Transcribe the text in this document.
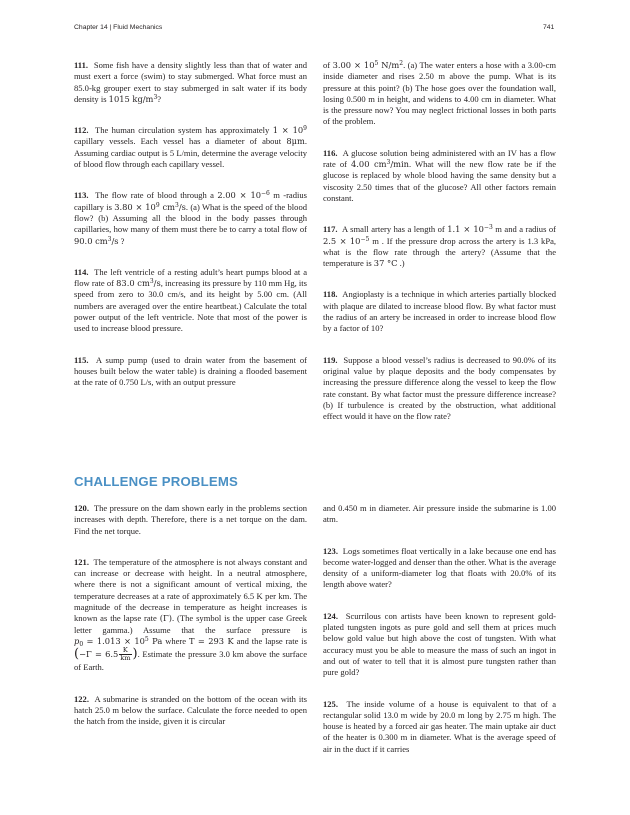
Chapter 14 | Fluid Mechanics	741

111. Some fish have a density slightly less than that of water and must exert a force (swim) to stay submerged. What force must an 85.0-kg grouper exert to stay submerged in salt water if its body density is 1015 $kg/m^3$?

112. The human circulation system has approximately $1 \times 10^9$ capillary vessels. Each vessel has a diameter of about 8μm. Assuming cardiac output is 5 L/min, determine the average velocity of blood flow through each capillary vessel.

113. The flow rate of blood through a $2.00 \times 10^{-6}$ m -radius capillary is $3.80 \times 10^9$ $cm^3/s$. (a) What is the speed of the blood flow? (b) Assuming all the blood in the body passes through capillaries, how many of them must there be to carry a total flow of 90.0 $cm^3/s$ ?

114. The left ventricle of a resting adult’s heart pumps blood at a flow rate of 83.0 $cm^3/s$, increasing its pressure by 110 mm Hg, its speed from zero to 30.0 cm/s, and its height by 5.00 cm. (All numbers are averaged over the entire heartbeat.) Calculate the total power output of the left ventricle. Note that most of the power is used to increase blood pressure.

115. A sump pump (used to drain water from the basement of houses built below the water table) is draining a flooded basement at the rate of 0.750 L/s, with an output pressure

of $3.00 \times 10^5$ $N/m^2$. (a) The water enters a hose with a 3.00-cm inside diameter and rises 2.50 m above the pump. What is its pressure at this point? (b) The hose goes over the foundation wall, losing 0.500 m in height, and widens to 4.00 cm in diameter. What is the pressure now? You may neglect frictional losses in both parts of the problem.

116. A glucose solution being administered with an IV has a flow rate of 4.00 $cm^3/\min$. What will the new flow rate be if the glucose is replaced by whole blood having the same density but a viscosity 2.50 times that of the glucose? All other factors remain constant.

117. A small artery has a length of $1.1 \times 10^{-3}$ m and a radius of $2.5 \times 10^{-5}$ m . If the pressure drop across the artery is 1.3 kPa, what is the flow rate through the artery? (Assume that the temperature is 37 °C .)

118. Angioplasty is a technique in which arteries partially blocked with plaque are dilated to increase blood flow. By what factor must the radius of an artery be increased in order to increase blood flow by a factor of 10?

119. Suppose a blood vessel’s radius is decreased to 90.0% of its original value by plaque deposits and the body compensates by increasing the pressure difference along the vessel to keep the flow rate constant. By what factor must the pressure difference increase? (b) If turbulence is created by the obstruction, what additional effect would it have on the flow rate?

CHALLENGE PROBLEMS

120. The pressure on the dam shown early in the problems section increases with depth. Therefore, there is a net torque on the dam. Find the net torque.

121. The temperature of the atmosphere is not always constant and can increase or decrease with height. In a neutral atmosphere, where there is not a significant amount of vertical mixing, the temperature decreases at a rate of approximately 6.5 K per km. The magnitude of the decrease in temperature as height increases is known as the lapse rate (Γ). (The symbol is the upper case Greek letter gamma.) Assume that the surface pressure is $p_0 = 1.013 \times 10^5$ Pa where T = 293 K and the lapse rate is ($-\Gamma = 6.5 \frac{K}{km}$ ). Estimate the pressure 3.0 km above the surface of Earth.

122. A submarine is stranded on the bottom of the ocean with its hatch 25.0 m below the surface. Calculate the force needed to open the hatch from the inside, given it is circular

and 0.450 m in diameter. Air pressure inside the submarine is 1.00 atm.

123. Logs sometimes float vertically in a lake because one end has become water-logged and denser than the other. What is the average density of a uniform-diameter log that floats with 20.0% of its length above water?

124. Scurrilous con artists have been known to represent gold-plated tungsten ingots as pure gold and sell them at prices much below gold value but high above the cost of tungsten. With what accuracy must you be able to measure the mass of such an ingot in and out of water to tell that it is almost pure tungsten rather than pure gold?

125. The inside volume of a house is equivalent to that of a rectangular solid 13.0 m wide by 20.0 m long by 2.75 m high. The house is heated by a forced air gas heater. The main uptake air duct of the heater is 0.300 m in diameter. What is the average speed of air in the duct if it carries
